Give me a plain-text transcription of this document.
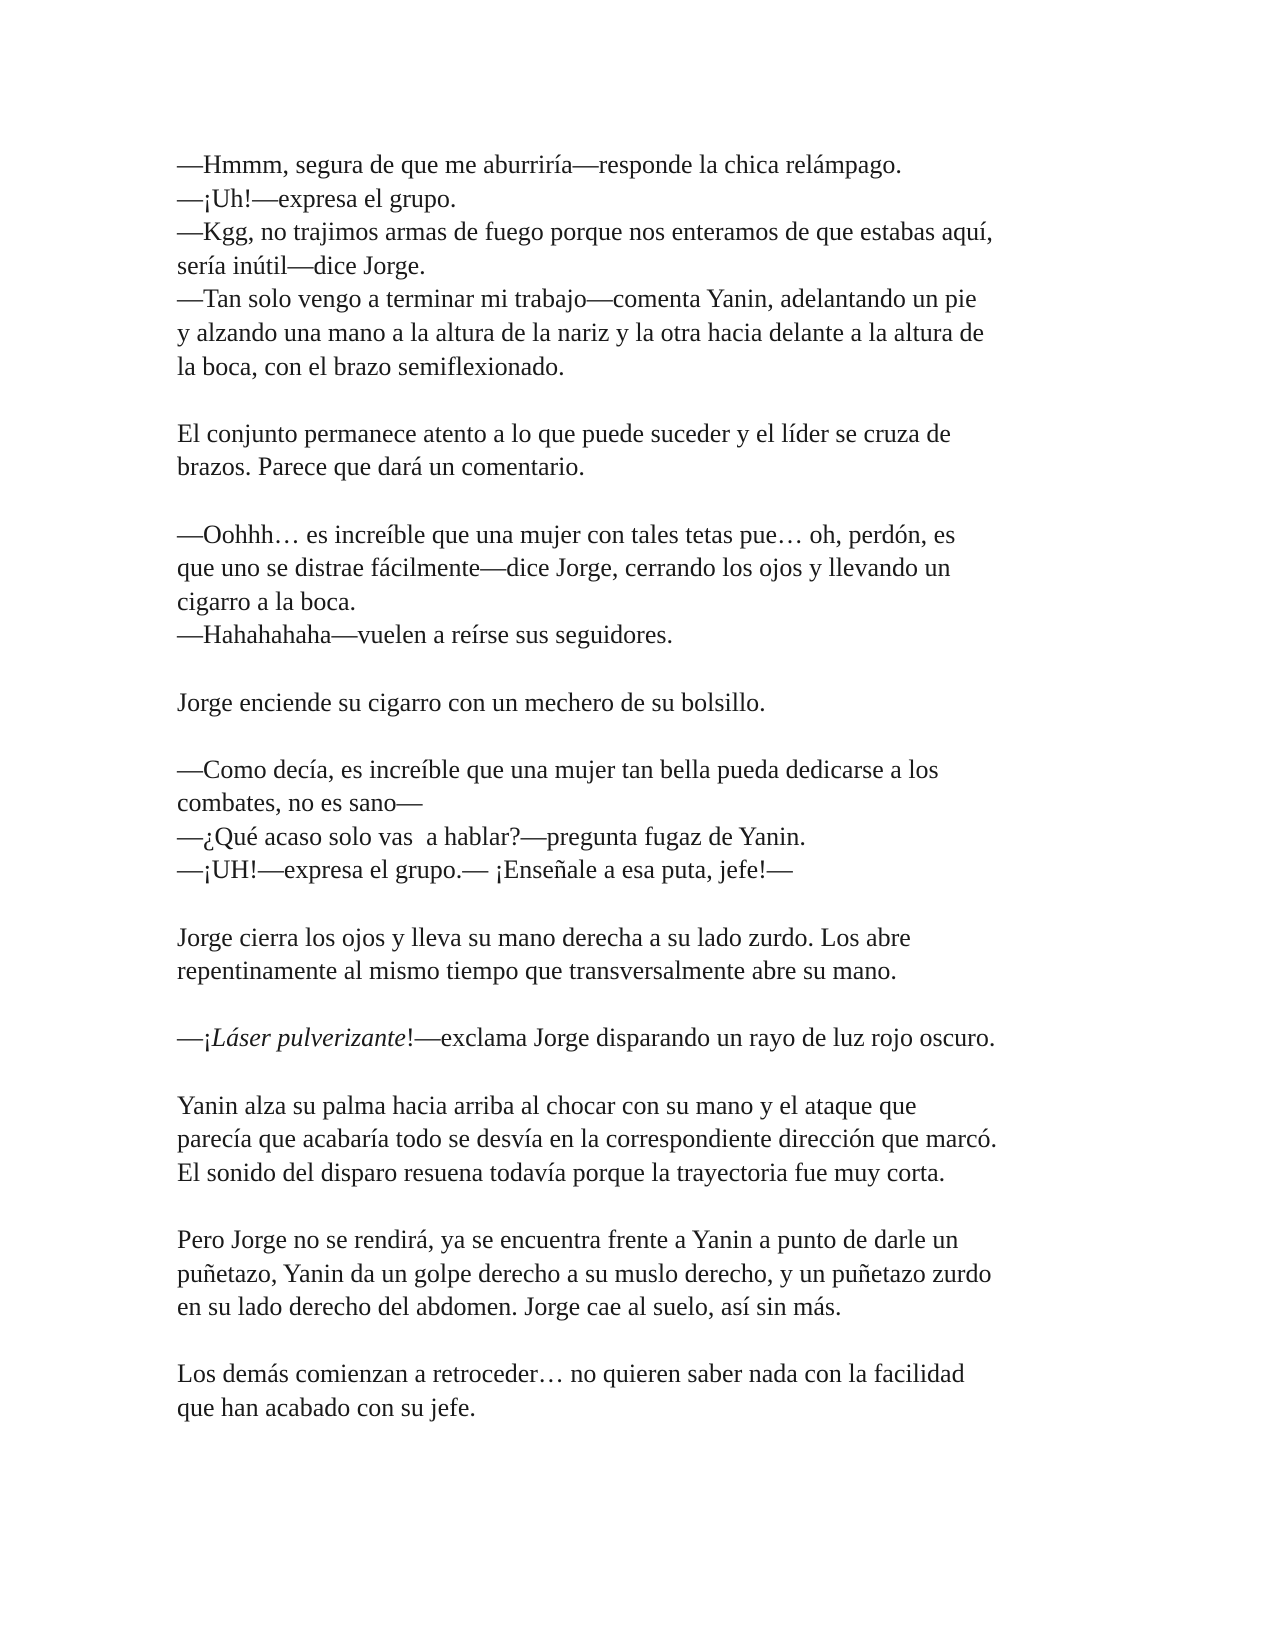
—Hmmm, segura de que me aburriría—responde la chica relámpago.
—¡Uh!—expresa el grupo.
—Kgg, no trajimos armas de fuego porque nos enteramos de que estabas aquí,
sería inútil—dice Jorge.
—Tan solo vengo a terminar mi trabajo—comenta Yanin, adelantando un pie
y alzando una mano a la altura de la nariz y la otra hacia delante a la altura de
la boca, con el brazo semiflexionado.
El conjunto permanece atento a lo que puede suceder y el líder se cruza de
brazos. Parece que dará un comentario.
—Oohhh… es increíble que una mujer con tales tetas pue… oh, perdón, es
que uno se distrae fácilmente—dice Jorge, cerrando los ojos y llevando un
cigarro a la boca.
—Hahahahaha—vuelen a reírse sus seguidores.
Jorge enciende su cigarro con un mechero de su bolsillo.
—Como decía, es increíble que una mujer tan bella pueda dedicarse a los
combates, no es sano—
—¿Qué acaso solo vas  a hablar?—pregunta fugaz de Yanin.
—¡UH!—expresa el grupo.— ¡Enseñale a esa puta, jefe!—
Jorge cierra los ojos y lleva su mano derecha a su lado zurdo. Los abre
repentinamente al mismo tiempo que transversalmente abre su mano.
—¡Láser pulverizante!—exclama Jorge disparando un rayo de luz rojo oscuro.
Yanin alza su palma hacia arriba al chocar con su mano y el ataque que
parecía que acabaría todo se desvía en la correspondiente dirección que marcó.
El sonido del disparo resuena todavía porque la trayectoria fue muy corta.
Pero Jorge no se rendirá, ya se encuentra frente a Yanin a punto de darle un
puñetazo, Yanin da un golpe derecho a su muslo derecho, y un puñetazo zurdo
en su lado derecho del abdomen. Jorge cae al suelo, así sin más.
Los demás comienzan a retroceder… no quieren saber nada con la facilidad
que han acabado con su jefe.
